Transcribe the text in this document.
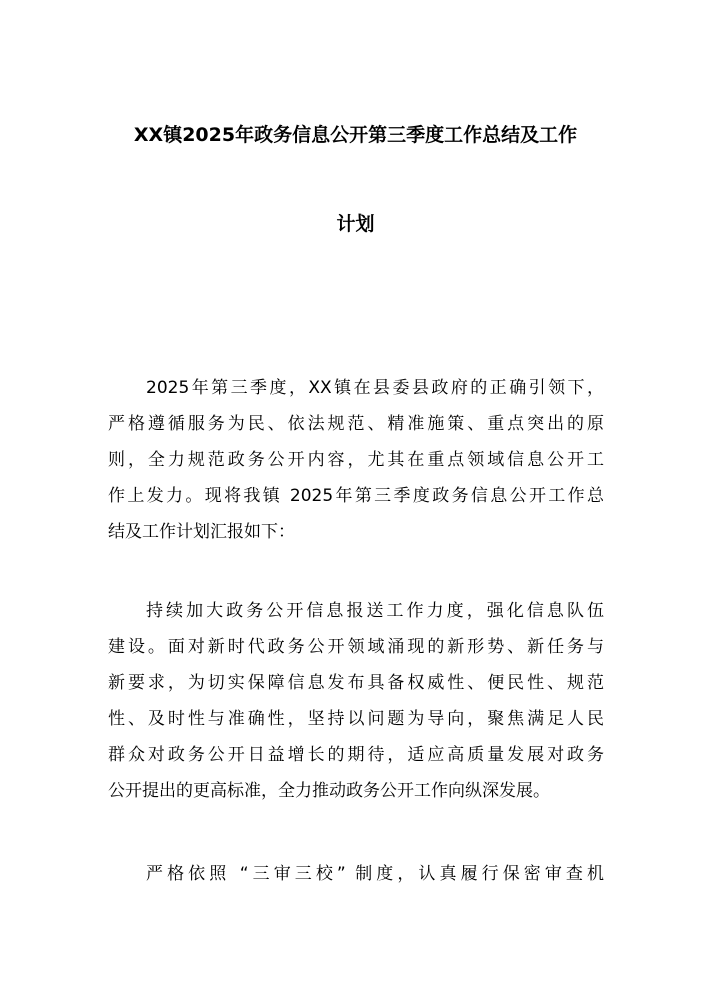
XX镇2025年政务信息公开第三季度工作总结及工作
计划
2025年第三季度，XX镇在县委县政府的正确引领下，
严格遵循服务为民、依法规范、精准施策、重点突出的原
则，全力规范政务公开内容，尤其在重点领域信息公开工
作上发力。现将我镇 2025年第三季度政务信息公开工作总
结及工作计划汇报如下：
持续加大政务公开信息报送工作力度，强化信息队伍
建设。面对新时代政务公开领域涌现的新形势、新任务与
新要求，为切实保障信息发布具备权威性、便民性、规范
性、及时性与准确性，坚持以问题为导向，聚焦满足人民
群众对政务公开日益增长的期待，适应高质量发展对政务
公开提出的更高标准，全力推动政务公开工作向纵深发展。
严格依照 “三审三校” 制度，认真履行保密审查机
